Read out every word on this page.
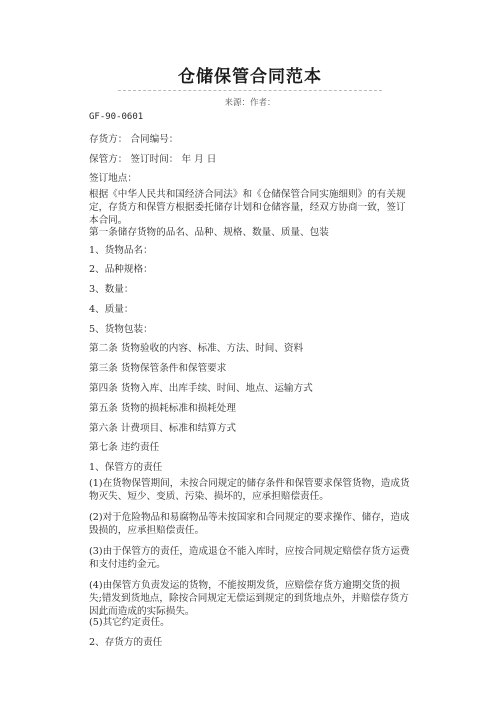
仓储保管合同范本
来源：作者：
GF-90-0601
存货方： 合同编号：
保管方： 签订时间： 年 月 日
签订地点：
根据《中华人民共和国经济合同法》和《仓储保管合同实施细则》的有关规定，存货方和保管方根据委托储存计划和仓储容量，经双方协商一致，签订本合同。
第一条储存货物的品名、品种、规格、数量、质量、包装
1、货物品名：
2、品种规格：
3、数量：
4、质量：
5、货物包装：
第二条 货物验收的内容、标准、方法、时间、资料
第三条 货物保管条件和保管要求
第四条 货物入库、出库手续、时间、地点、运输方式
第五条 货物的损耗标准和损耗处理
第六条 计费项目、标准和结算方式
第七条 违约责任
1、保管方的责任
(1)在货物保管期间，未按合同规定的储存条件和保管要求保管货物，造成货物灭失、短少、变质、污染、损坏的，应承担赔偿责任。
(2)对于危险物品和易腐物品等未按国家和合同规定的要求操作、储存，造成毁损的，应承担赔偿责任。
(3)由于保管方的责任，造成退仓不能入库时，应按合同规定赔偿存货方运费和支付违约金元。
(4)由保管方负责发运的货物，不能按期发货，应赔偿存货方逾期交货的损失;错发到货地点，除按合同规定无偿运到规定的到货地点外，并赔偿存货方因此而造成的实际损失。
(5)其它约定责任。
2、存货方的责任
